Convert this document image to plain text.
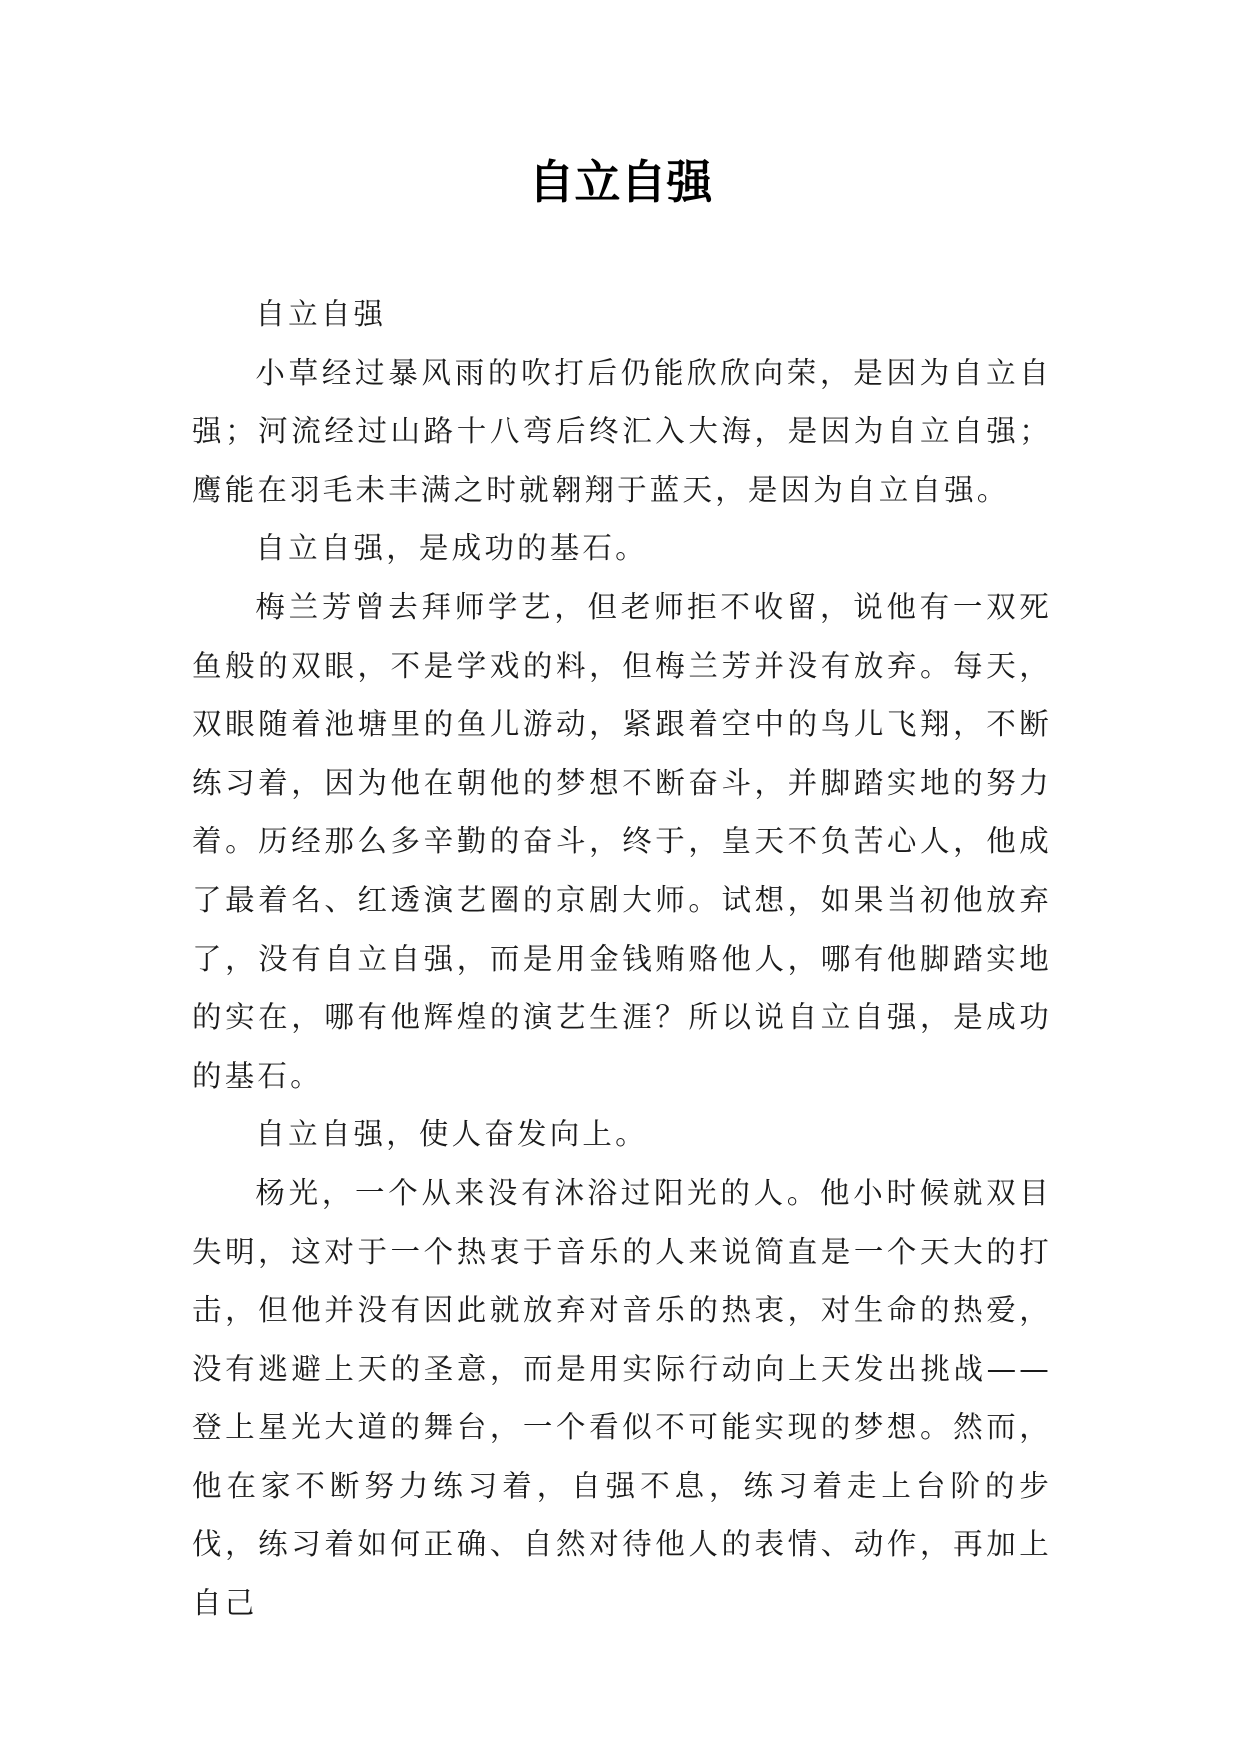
自立自强

自立自强

小草经过暴风雨的吹打后仍能欣欣向荣，是因为自立自强；河流经过山路十八弯后终汇入大海，是因为自立自强；鹰能在羽毛未丰满之时就翱翔于蓝天，是因为自立自强。

自立自强，是成功的基石。

梅兰芳曾去拜师学艺，但老师拒不收留，说他有一双死鱼般的双眼，不是学戏的料，但梅兰芳并没有放弃。每天，双眼随着池塘里的鱼儿游动，紧跟着空中的鸟儿飞翔，不断练习着，因为他在朝他的梦想不断奋斗，并脚踏实地的努力着。历经那么多辛勤的奋斗，终于，皇天不负苦心人，他成了最着名、红透演艺圈的京剧大师。试想，如果当初他放弃了，没有自立自强，而是用金钱贿赂他人，哪有他脚踏实地的实在，哪有他辉煌的演艺生涯？所以说自立自强，是成功的基石。

自立自强，使人奋发向上。

杨光，一个从来没有沐浴过阳光的人。他小时候就双目失明，这对于一个热衷于音乐的人来说简直是一个天大的打击，但他并没有因此就放弃对音乐的热衷，对生命的热爱，没有逃避上天的圣意，而是用实际行动向上天发出挑战——登上星光大道的舞台，一个看似不可能实现的梦想。然而，他在家不断努力练习着，自强不息，练习着走上台阶的步伐，练习着如何正确、自然对待他人的表情、动作，再加上自己
